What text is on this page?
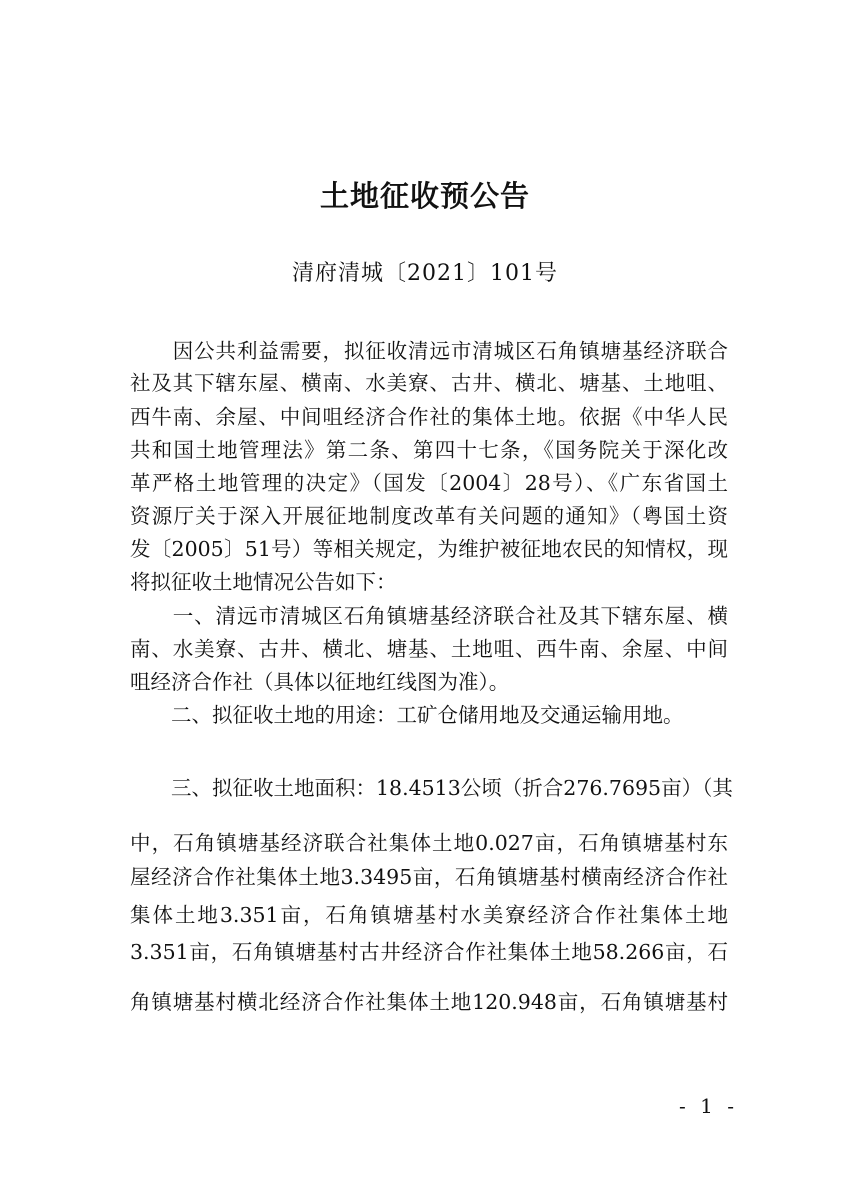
土地征收预公告
清府清城〔2021〕101号
　　因公共利益需要，拟征收清远市清城区石角镇塘基经济联合
社及其下辖东屋、横南、水美寮、古井、横北、塘基、土地咀、
西牛南、余屋、中间咀经济合作社的集体土地。依据《中华人民
共和国土地管理法》第二条、第四十七条，《国务院关于深化改
革严格土地管理的决定》（国发〔2004〕28号）、《广东省国土
资源厅关于深入开展征地制度改革有关问题的通知》（粤国土资
发〔2005〕51号）等相关规定，为维护被征地农民的知情权，现
将拟征收土地情况公告如下：
　　一、清远市清城区石角镇塘基经济联合社及其下辖东屋、横
南、水美寮、古井、横北、塘基、土地咀、西牛南、余屋、中间
咀经济合作社（具体以征地红线图为准）。
　　二、拟征收土地的用途：工矿仓储用地及交通运输用地。
　　三、拟征收土地面积：18.4513公顷（折合276.7695亩）（其
中，石角镇塘基经济联合社集体土地0.027亩，石角镇塘基村东
屋经济合作社集体土地3.3495亩，石角镇塘基村横南经济合作社
集体土地3.351亩，石角镇塘基村水美寮经济合作社集体土地
3.351亩，石角镇塘基村古井经济合作社集体土地58.266亩，石
角镇塘基村横北经济合作社集体土地120.948亩，石角镇塘基村
- 1 -
